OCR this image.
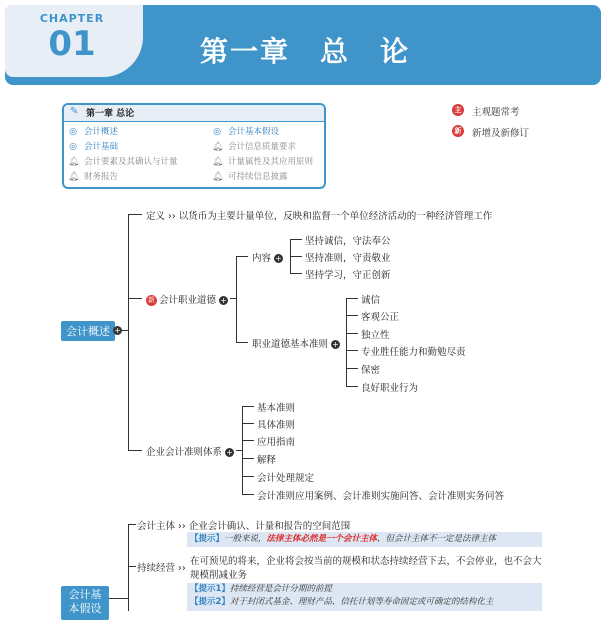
CHAPTER
01	第一章　总　论
✎ 第一章 总论
◎ 会计概述	◎ 会计基本假设
◎ 会计基础	🔔︎ 会计信息质量要求
🔔︎ 会计要素及其确认与计量	🔔︎ 计量属性及其应用原则
🔔︎ 财务报告	🔔︎ 可持续信息披露
主 主观题常考
新 新增及新修订
会计概述 +
定义 ›› 以货币为主要计量单位，反映和监督一个单位经济活动的一种经济管理工作
新 会计职业道德 +
内容 +
坚持诚信，守法奉公
坚持准则，守责敬业
坚持学习，守正创新
职业道德基本准则 +
诚信
客观公正
独立性
专业胜任能力和勤勉尽责
保密
良好职业行为
企业会计准则体系 +
基本准则
具体准则
应用指南
解释
会计处理规定
会计准则应用案例、会计准则实施问答、会计准则实务问答
会计基
本假设
会计主体 ›› 企业会计确认、计量和报告的空间范围
【提示】一般来说，法律主体必然是一个会计主体，但会计主体不一定是法律主体
持续经营 ››
在可预见的将来，企业将会按当前的规模和状态持续经营下去，不会停业，也不会大
规模削减业务
【提示1】持续经营是会计分期的前提
【提示2】对于封闭式基金、理财产品、信托计划等寿命固定或可确定的结构化主
